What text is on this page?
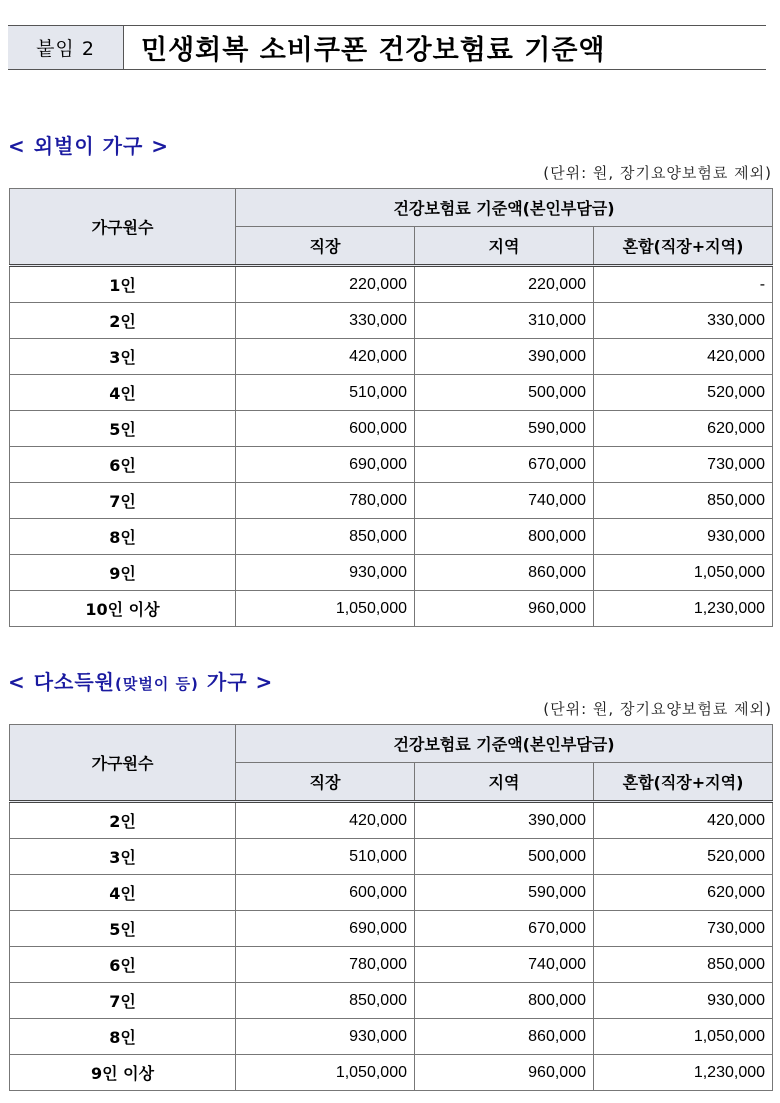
붙임 2	민생회복 소비쿠폰 건강보험료 기준액
< 외벌이 가구 >
(단위: 원, 장기요양보험료 제외)
가구원수	건강보험료 기준액(본인부담금)		
	직장	지역	혼합(직장+지역)
1인	220,000	220,000	-
2인	330,000	310,000	330,000
3인	420,000	390,000	420,000
4인	510,000	500,000	520,000
5인	600,000	590,000	620,000
6인	690,000	670,000	730,000
7인	780,000	740,000	850,000
8인	850,000	800,000	930,000
9인	930,000	860,000	1,050,000
10인 이상	1,050,000	960,000	1,230,000
< 다소득원(맞벌이 등) 가구 >
(단위: 원, 장기요양보험료 제외)
가구원수	건강보험료 기준액(본인부담금)		
	직장	지역	혼합(직장+지역)
2인	420,000	390,000	420,000
3인	510,000	500,000	520,000
4인	600,000	590,000	620,000
5인	690,000	670,000	730,000
6인	780,000	740,000	850,000
7인	850,000	800,000	930,000
8인	930,000	860,000	1,050,000
9인 이상	1,050,000	960,000	1,230,000
